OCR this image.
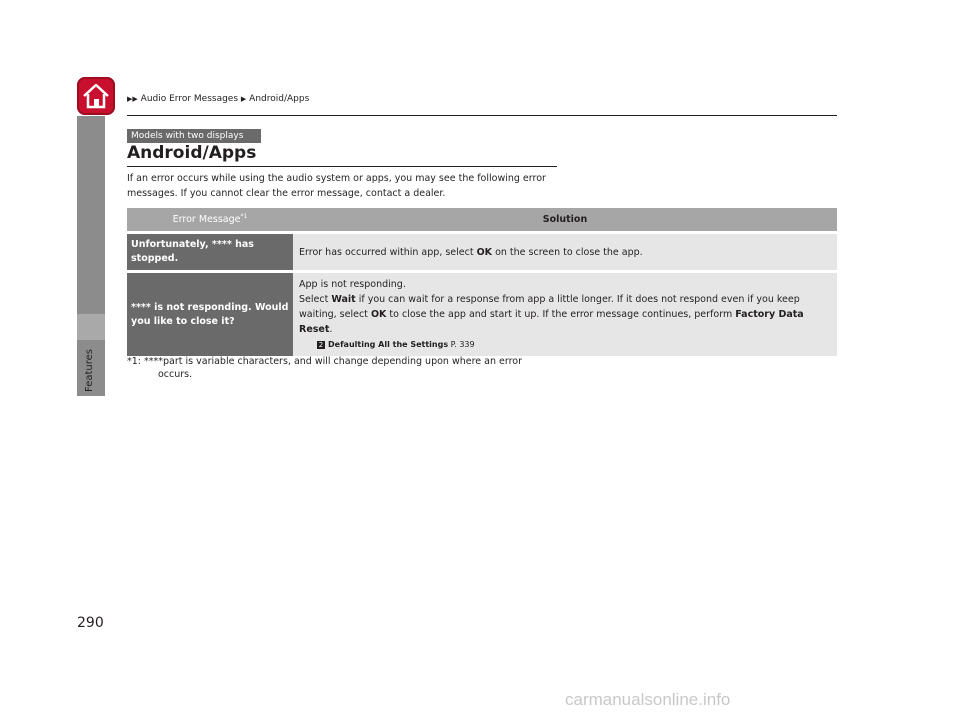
Features
▶▶ Audio Error Messages ▶ Android/Apps
Models with two displays
Android/Apps
If an error occurs while using the audio system or apps, you may see the following error messages. If you cannot clear the error message, contact a dealer.
Error Message$^{*1}$	Solution
Unfortunately, **** has stopped.	Error has occurred within app, select OK on the screen to close the app.
**** is not responding. Would you like to close it?	App is not responding.
Select Wait if you can wait for a response from app a little longer. If it does not respond even if you keep waiting, select OK to close the app and start it up. If the error message continues, perform Factory Data Reset.
2 Defaulting All the Settings P. 339
*1: ****part is variable characters, and will change depending upon where an error
occurs.
290
carmanualsonline.info
